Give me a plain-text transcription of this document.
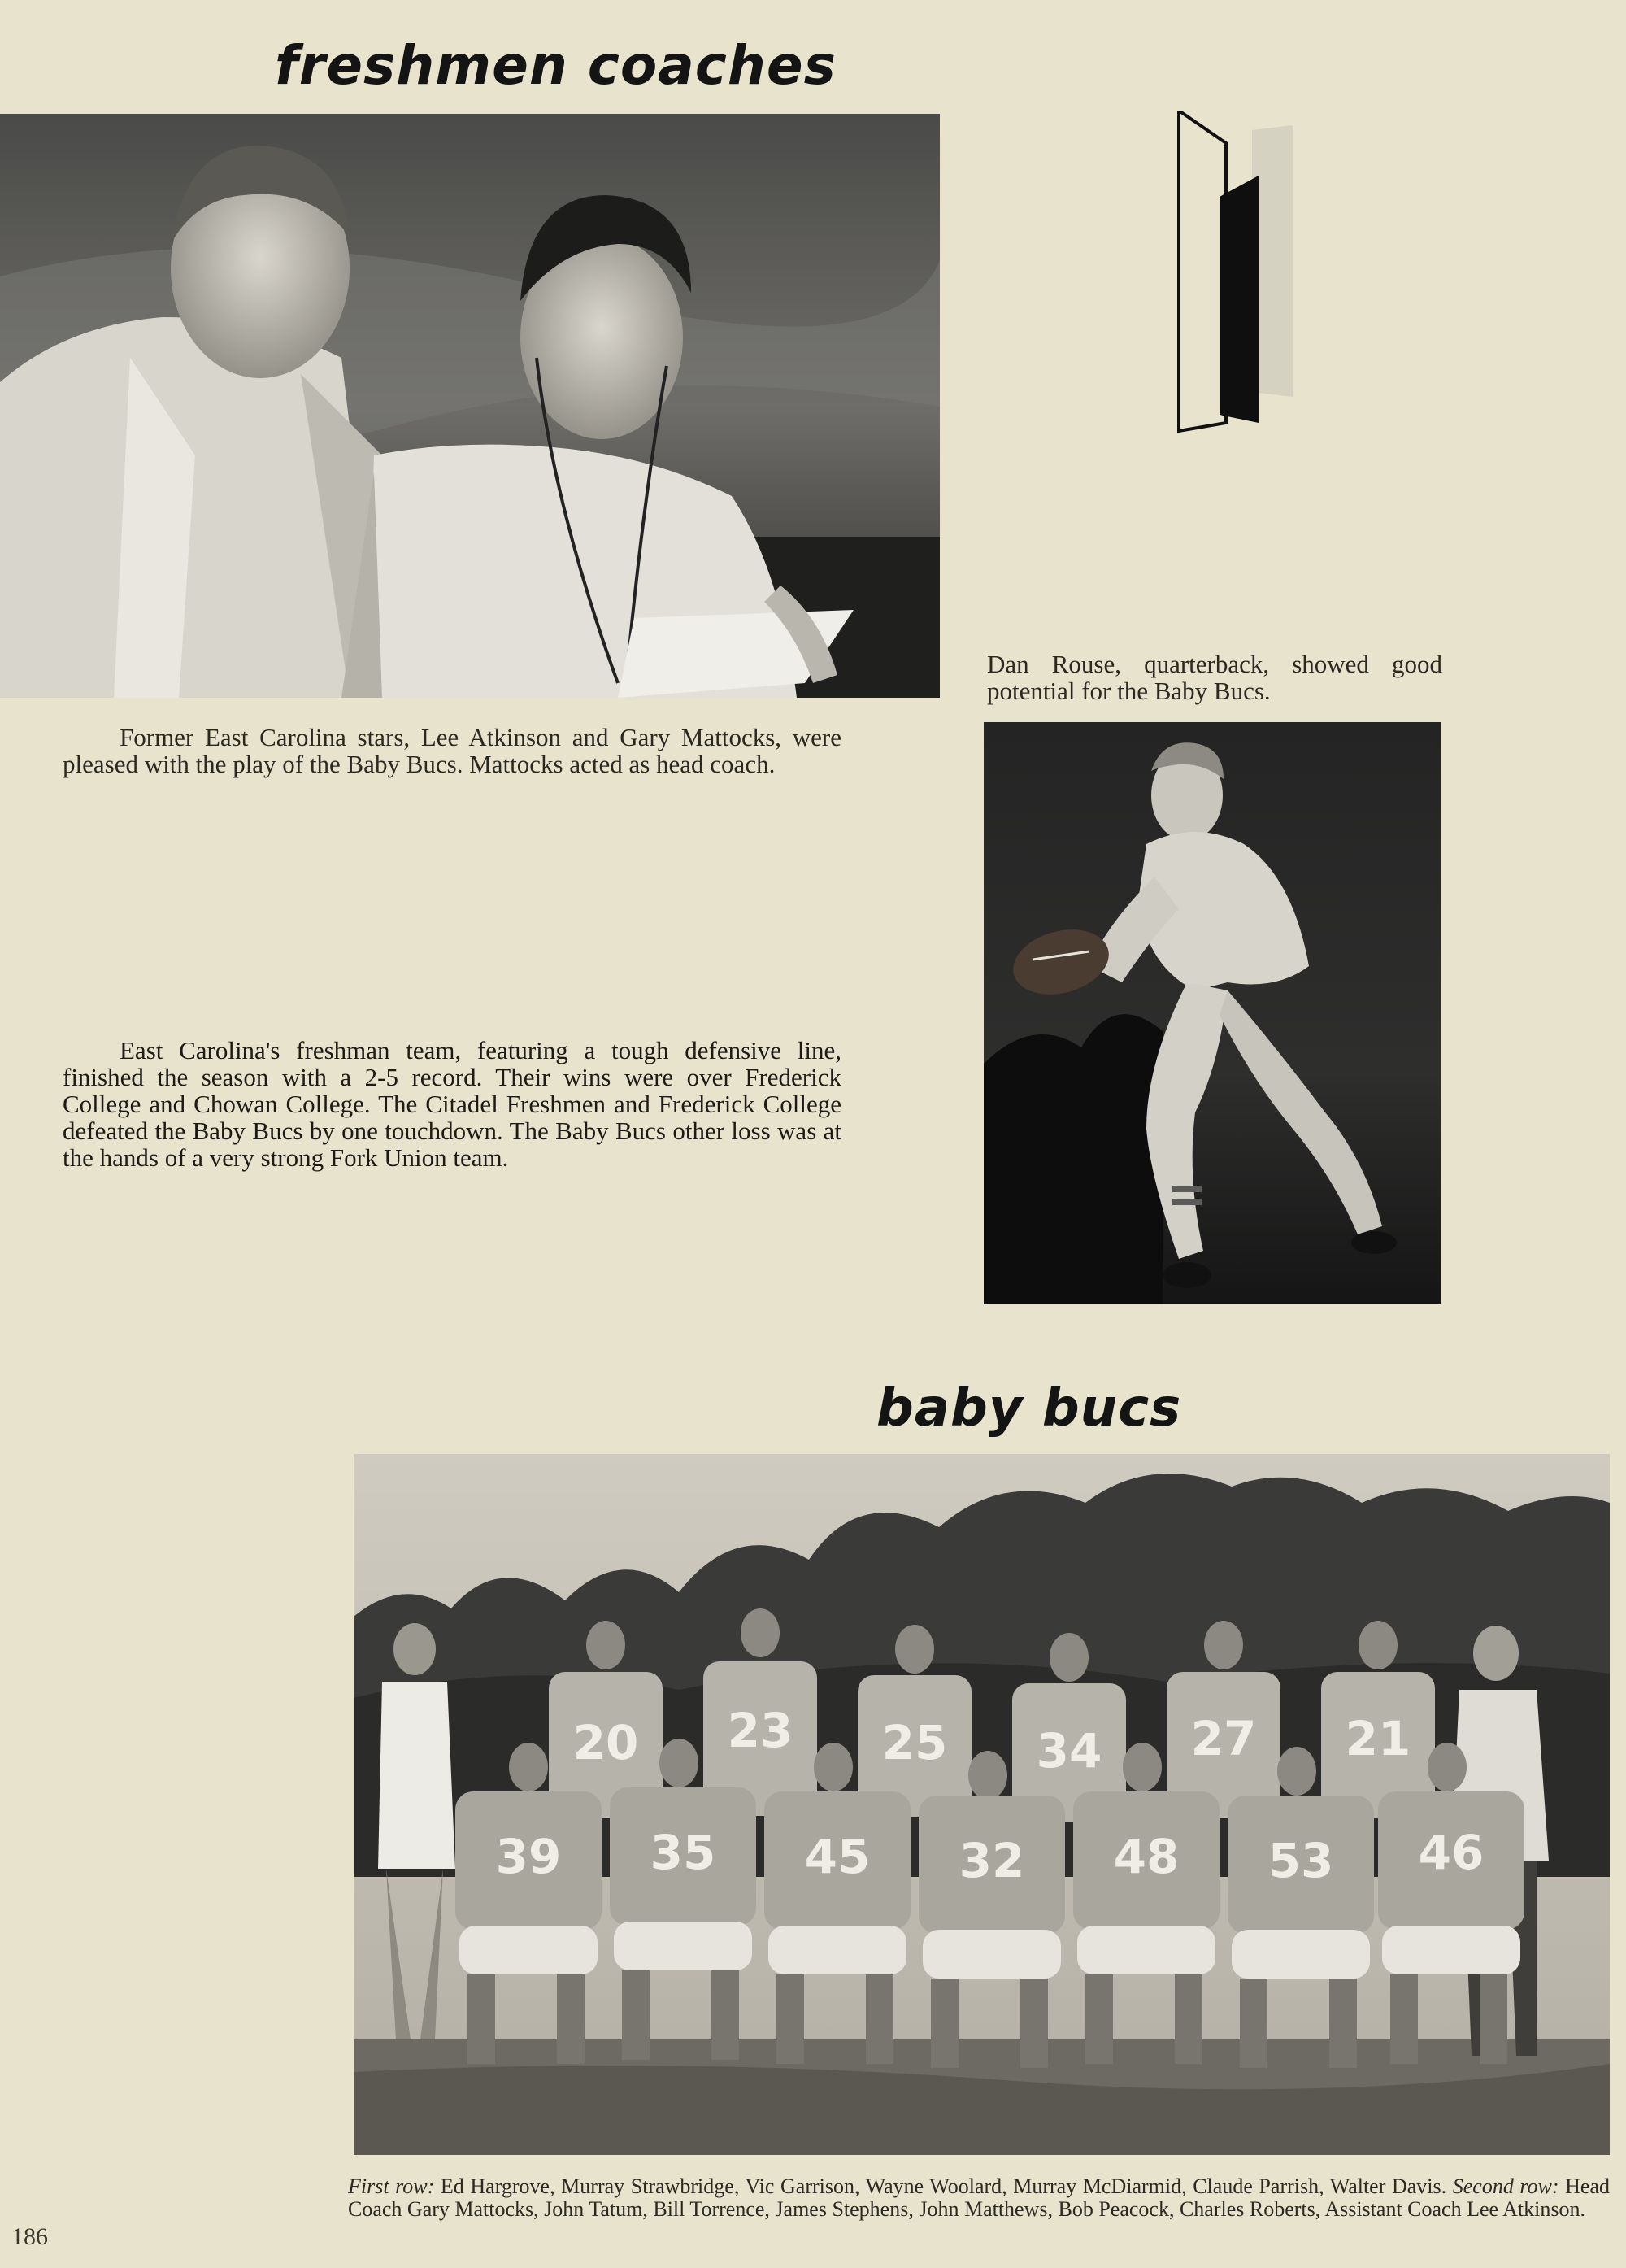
freshmen coaches

Dan Rouse, quarterback, showed good potential for the Baby Bucs.

Former East Carolina stars, Lee Atkinson and Gary Mattocks, were pleased with the play of the Baby Bucs. Mattocks acted as head coach.

East Carolina's freshman team, featuring a tough defensive line, finished the season with a 2-5 record. Their wins were over Frederick College and Chowan College. The Citadel Freshmen and Frederick College defeated the Baby Bucs by one touchdown. The Baby Bucs other loss was at the hands of a very strong Fork Union team.

baby bucs
20 23 25 34 27 21
39 35 45 32 48 53 46

First row: Ed Hargrove, Murray Strawbridge, Vic Garrison, Wayne Woolard, Murray McDiarmid, Claude Parrish, Walter Davis. Second row: Head Coach Gary Mattocks, John Tatum, Bill Torrence, James Stephens, John Matthews, Bob Peacock, Charles Roberts, Assistant Coach Lee Atkinson.

186
